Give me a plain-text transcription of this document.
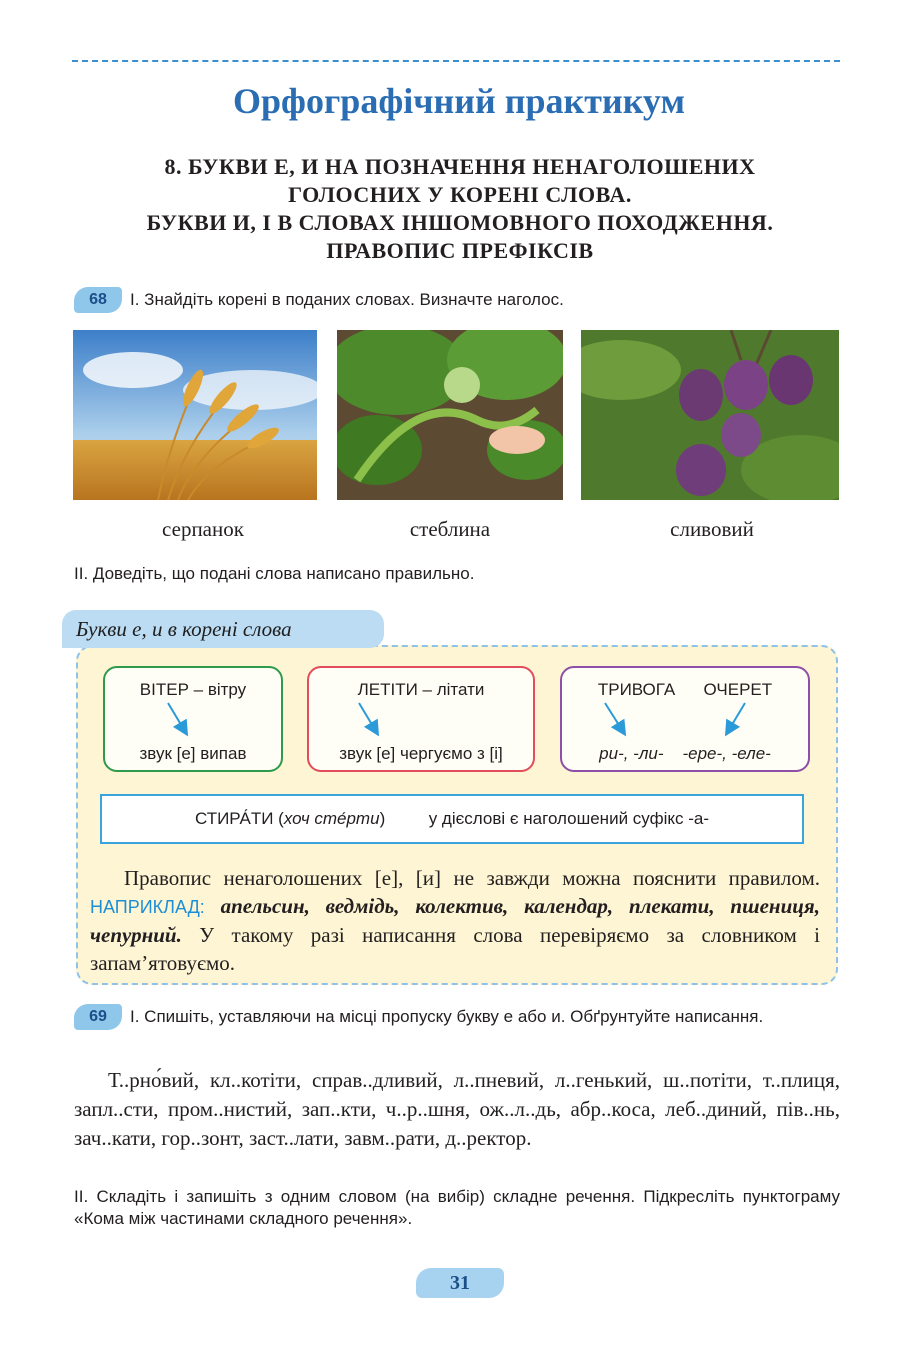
Орфографічний практикум
8. БУКВИ Е, И НА ПОЗНАЧЕННЯ НЕНАГОЛОШЕНИХ
ГОЛОСНИХ У КОРЕНІ СЛОВА.
БУКВИ И, І В СЛОВАХ ІНШОМОВНОГО ПОХОДЖЕННЯ.
ПРАВОПИС ПРЕФІКСІВ
68	І. Знайдіть корені в поданих словах. Визначте наголос.
серпанок	стеблина	сливовий
ІІ. Доведіть, що подані слова написано правильно.
Букви е, и в корені слова
ВІТЕР – вітру
звук [е] випав
ЛЕТІТИ – літати
звук [е] чергуємо з [і]
ТРИВОГА ОЧЕРЕТ
ри-, -ли- -ере-, -еле-
СТИРА́ТИ (хоч сте́рти)  у дієслові є наголошений суфікс -а-
Правопис ненаголошених [е], [и] не завжди можна пояснити правилом. НАПРИКЛАД: апельсин, ведмідь, колектив, календар, плекати, пшениця, чепурний. У такому разі написання слова перевіряємо за словником і запам’ятовуємо.
69	І. Спишіть, уставляючи на місці пропуску букву е або и. Обґрунтуйте написання.
Т..рно́вий, кл..котіти, справ..дливий, л..пневий, л..генький, ш..потіти, т..плиця, запл..сти, пром..нистий, зап..кти, ч..р..шня, ож..л..дь, абр..коса, леб..диний, пів..нь, зач..кати, гор..зонт, заст..лати, завм..рати, д..ректор.
ІІ. Складіть і запишіть з одним словом (на вибір) складне речення. Підкресліть пунктограму «Кома між частинами складного речення».
31
